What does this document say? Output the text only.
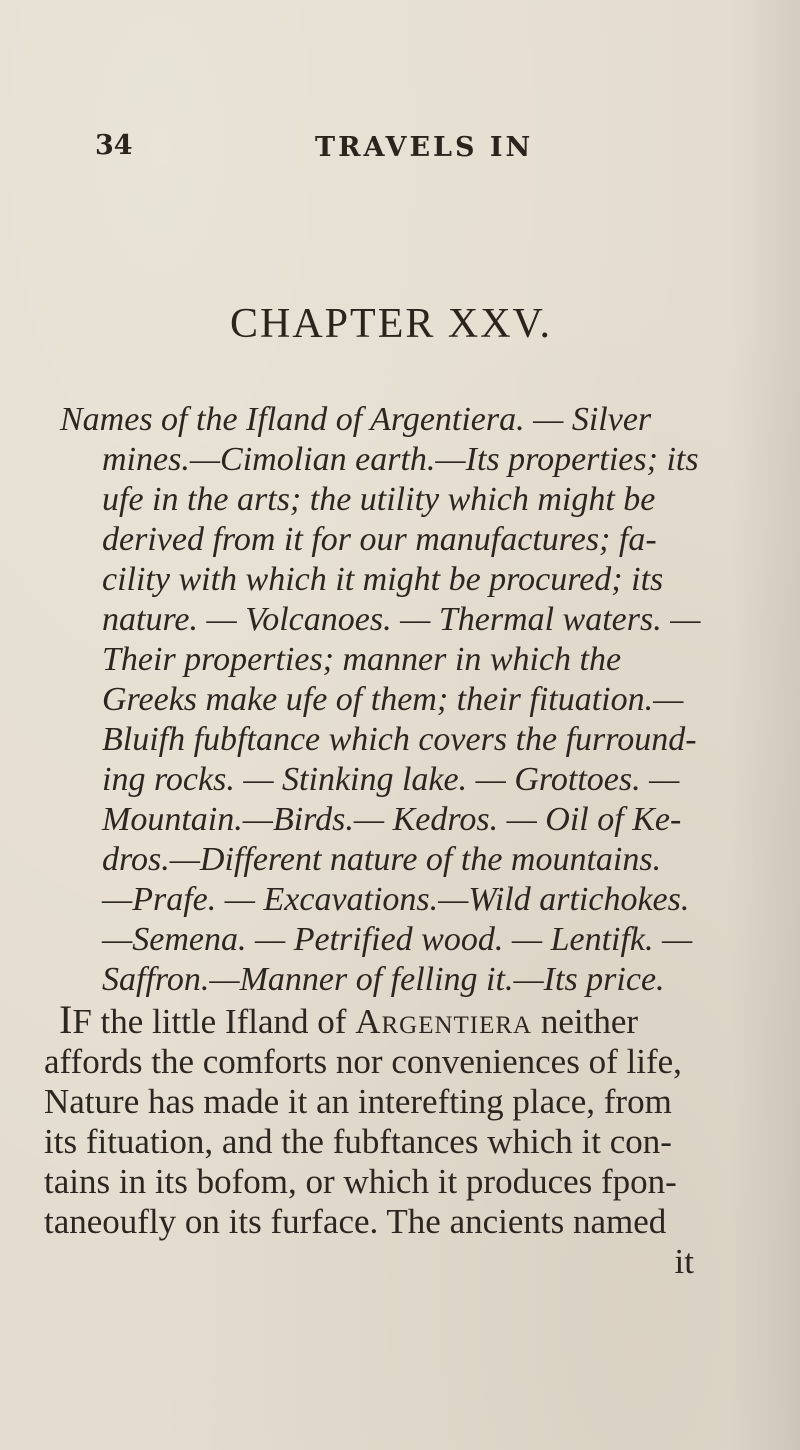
34	TRAVELS IN
CHAPTER XXV.
Names of the Ifland of Argentiera. — Silver
mines.—Cimolian earth.—Its properties; its
ufe in the arts; the utility which might be
derived from it for our manufactures; fa-
cility with which it might be procured; its
nature. — Volcanoes. — Thermal waters. —
Their properties; manner in which the
Greeks make ufe of them; their fituation.—
Bluifh fubftance which covers the furround-
ing rocks. — Stinking lake. — Grottoes. —
Mountain.—Birds.— Kedros. — Oil of Ke-
dros.—Different nature of the mountains.
—Prafe. — Excavations.—Wild artichokes.
—Semena. — Petrified wood. — Lentifk. —
Saffron.—Manner of felling it.—Its price.
IF the little Ifland of Argentiera neither
affords the comforts nor conveniences of life,
Nature has made it an interefting place, from
its fituation, and the fubftances which it con-
tains in its bofom, or which it produces fpon-
taneoufly on its furface. The ancients named
it
